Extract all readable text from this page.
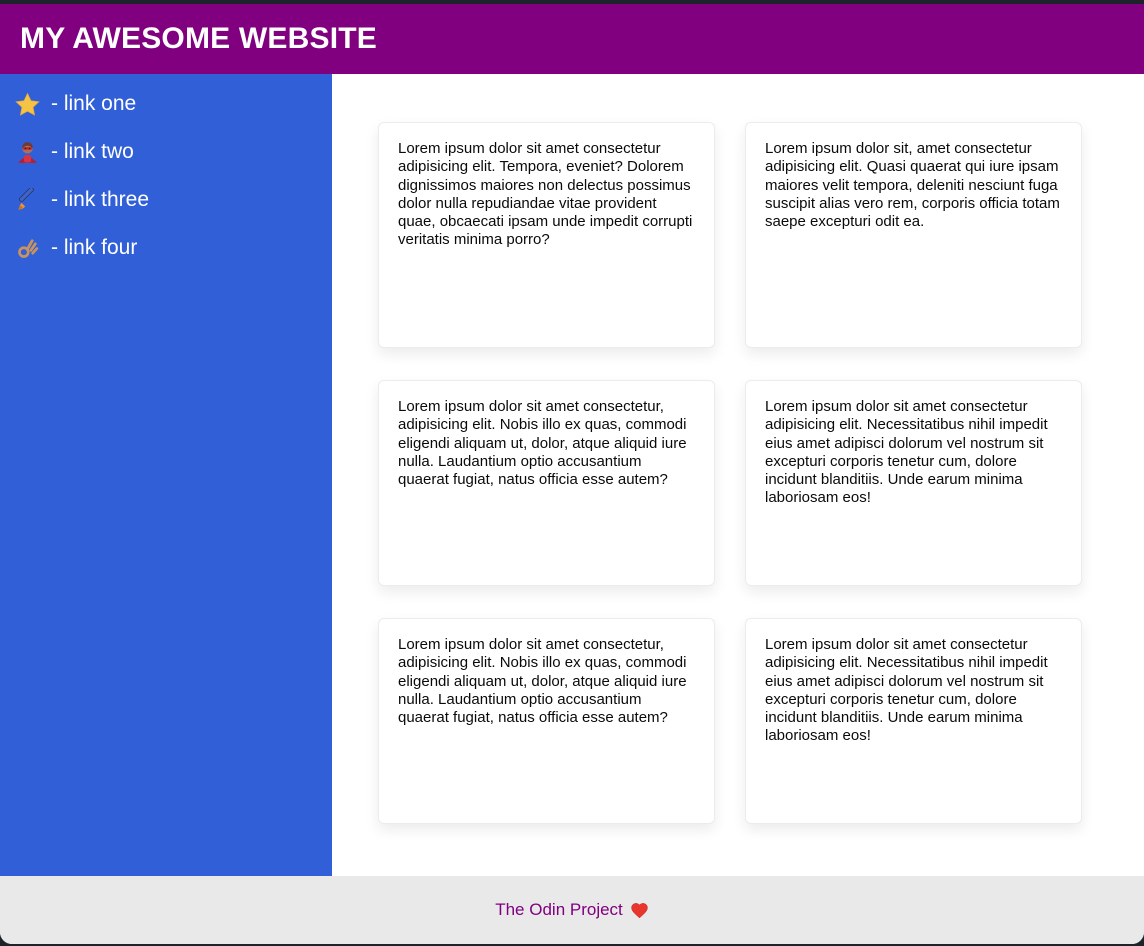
MY AWESOME WEBSITE
- link one
- link two
- link three
- link four
Lorem ipsum dolor sit amet consectetur adipisicing elit. Tempora, eveniet? Dolorem dignissimos maiores non delectus possimus dolor nulla repudiandae vitae provident quae, obcaecati ipsam unde impedit corrupti veritatis minima porro?
Lorem ipsum dolor sit, amet consectetur adipisicing elit. Quasi quaerat qui iure ipsam maiores velit tempora, deleniti nesciunt fuga suscipit alias vero rem, corporis officia totam saepe excepturi odit ea.
Lorem ipsum dolor sit amet consectetur, adipisicing elit. Nobis illo ex quas, commodi eligendi aliquam ut, dolor, atque aliquid iure nulla. Laudantium optio accusantium quaerat fugiat, natus officia esse autem?
Lorem ipsum dolor sit amet consectetur adipisicing elit. Necessitatibus nihil impedit eius amet adipisci dolorum vel nostrum sit excepturi corporis tenetur cum, dolore incidunt blanditiis. Unde earum minima laboriosam eos!
Lorem ipsum dolor sit amet consectetur, adipisicing elit. Nobis illo ex quas, commodi eligendi aliquam ut, dolor, atque aliquid iure nulla. Laudantium optio accusantium quaerat fugiat, natus officia esse autem?
Lorem ipsum dolor sit amet consectetur adipisicing elit. Necessitatibus nihil impedit eius amet adipisci dolorum vel nostrum sit excepturi corporis tenetur cum, dolore incidunt blanditiis. Unde earum minima laboriosam eos!
The Odin Project
